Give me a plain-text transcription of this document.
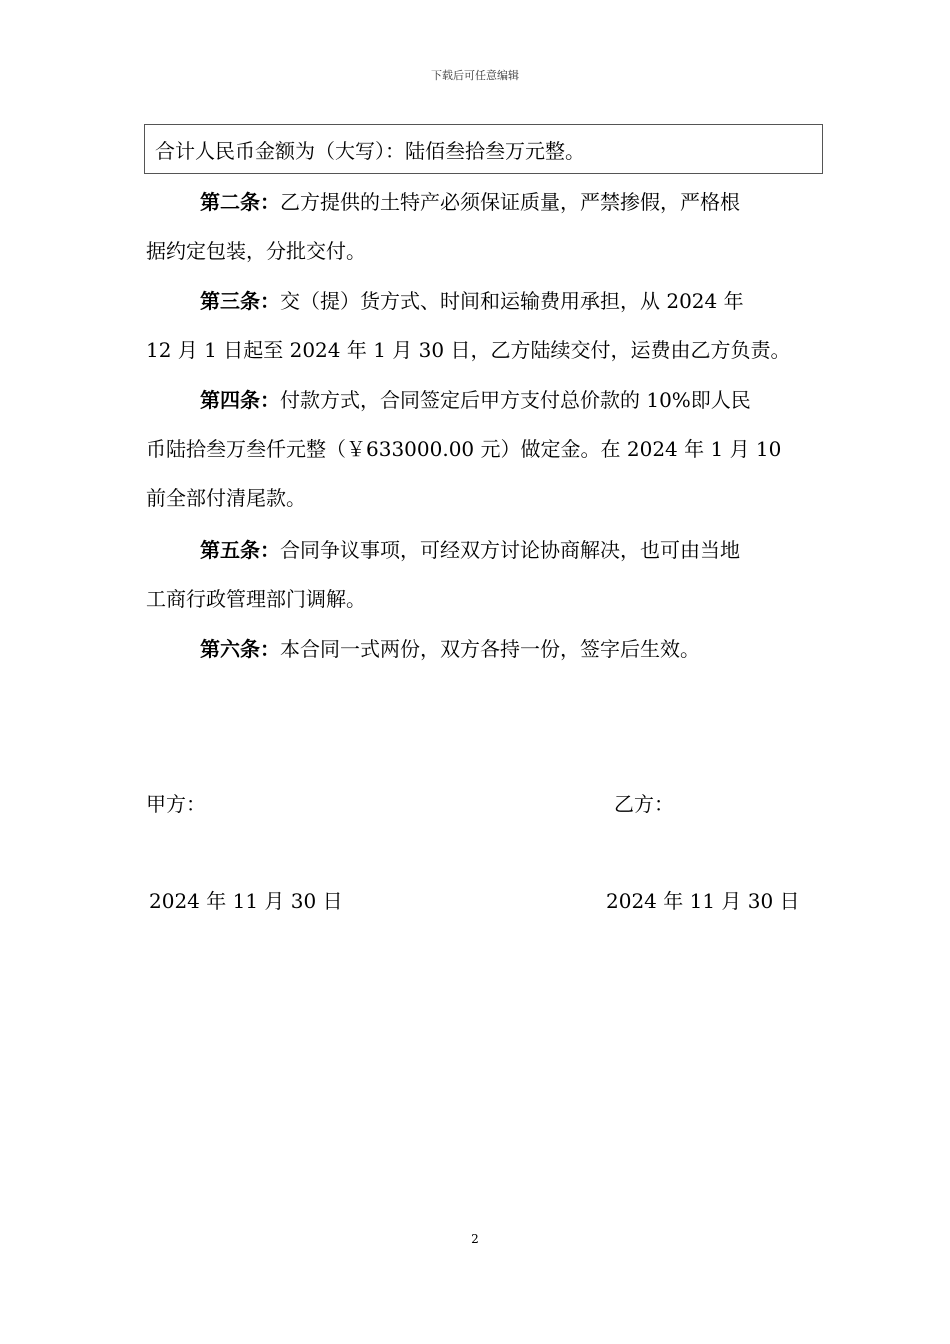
下载后可任意编辑
合计人民币金额为（大写）：陆佰叁拾叁万元整。
第二条：乙方提供的土特产必须保证质量，严禁掺假，严格根
据约定包装，分批交付。
第三条：交（提）货方式、时间和运输费用承担，从 2024 年
12 月 1 日起至 2024 年 1 月 30 日，乙方陆续交付，运费由乙方负责。
第四条：付款方式，合同签定后甲方支付总价款的 10%即人民
币陆拾叁万叁仟元整（￥633000.00 元）做定金。在 2024 年 1 月 10
前全部付清尾款。
第五条：合同争议事项，可经双方讨论协商解决，也可由当地
工商行政管理部门调解。
第六条：本合同一式两份，双方各持一份，签字后生效。
甲方：	乙方：
2024 年 11 月 30 日	2024 年 11 月 30 日
2
